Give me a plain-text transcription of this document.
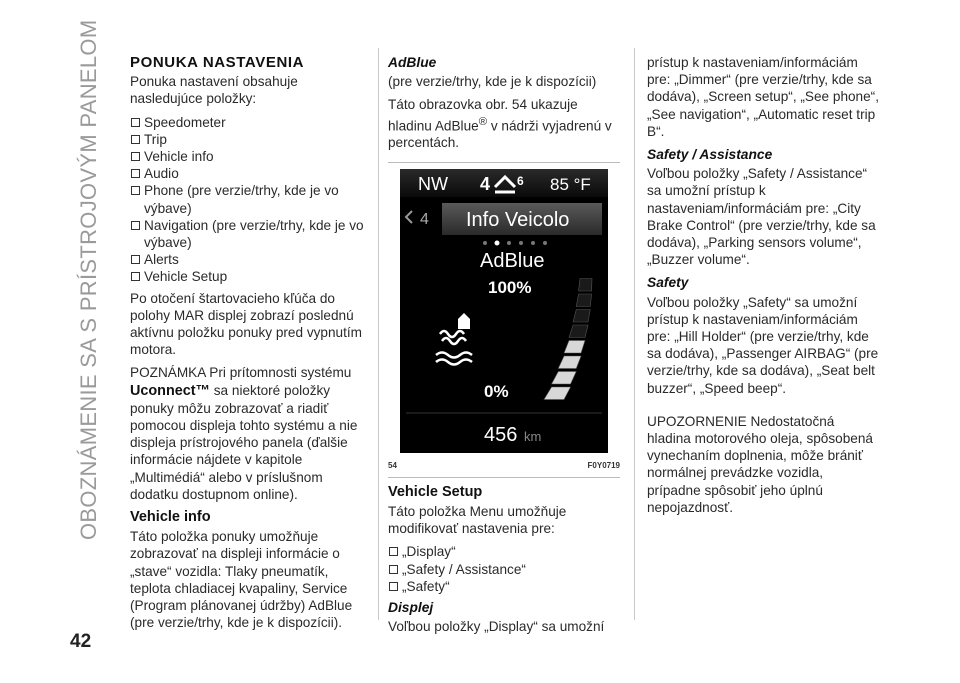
OBOZNÁMENIE SA S PRÍSTROJOVÝM PANELOM
42
PONUKA NASTAVENIA

Ponuka nastavení obsahuje nasledujúce položky:

Speedometer
Trip
Vehicle info
Audio
Phone (pre verzie/trhy, kde je vo výbave)
Navigation (pre verzie/trhy, kde je vo výbave)
Alerts
Vehicle Setup

Po otočení štartovacieho kľúča do polohy MAR displej zobrazí poslednú aktívnu položku ponuky pred vypnutím motora.

POZNÁMKA Pri prítomnosti systému
Uconnect™ sa niektoré položky ponuky môžu zobrazovať a riadiť pomocou displeja tohto systému a nie displeja prístrojového panela (ďalšie informácie nájdete v kapitole „Multimédiá“ alebo v príslušnom dodatku dostupnom online).

Vehicle info

Táto položka ponuky umožňuje zobrazovať na displeji informácie o „stave“ vozidla: Tlaky pneumatík, teplota chladiacej kvapaliny, Service (Program plánovanej údržby) AdBlue (pre verzie/trhy, kde je k dispozícii).

AdBlue

(pre verzie/trhy, kde je k dispozícii)

Táto obrazovka obr. 54 ukazuje hladinu AdBlue® v nádrži vyjadrenú v percentách.

NW 4 6 85 °F
4 Info Veicolo
AdBlue
100%
0%
456 km
54	F0Y0719
Vehicle Setup

Táto položka Menu umožňuje modifikovať nastavenia pre:

„Display“
„Safety / Assistance“
„Safety“
Displej

Voľbou položky „Display“ sa umožní

prístup k nastaveniam/informáciám pre: „Dimmer“ (pre verzie/trhy, kde sa dodáva), „Screen setup“, „See phone“, „See navigation“, „Automatic reset trip B“.

Safety / Assistance

Voľbou položky „Safety / Assistance“ sa umožní prístup k nastaveniam/informáciám pre: „City Brake Control“ (pre verzie/trhy, kde sa dodáva), „Parking sensors volume“, „Buzzer volume“.

Safety

Voľbou položky „Safety“ sa umožní prístup k nastaveniam/informáciám pre: „Hill Holder“ (pre verzie/trhy, kde sa dodáva), „Passenger AIRBAG“ (pre verzie/trhy, kde sa dodáva), „Seat belt buzzer“, „Speed beep“.

UPOZORNENIE Nedostatočná hladina motorového oleja, spôsobená vynechaním doplnenia, môže brániť normálnej prevádzke vozidla, prípadne spôsobiť jeho úplnú nepojazdnosť.
